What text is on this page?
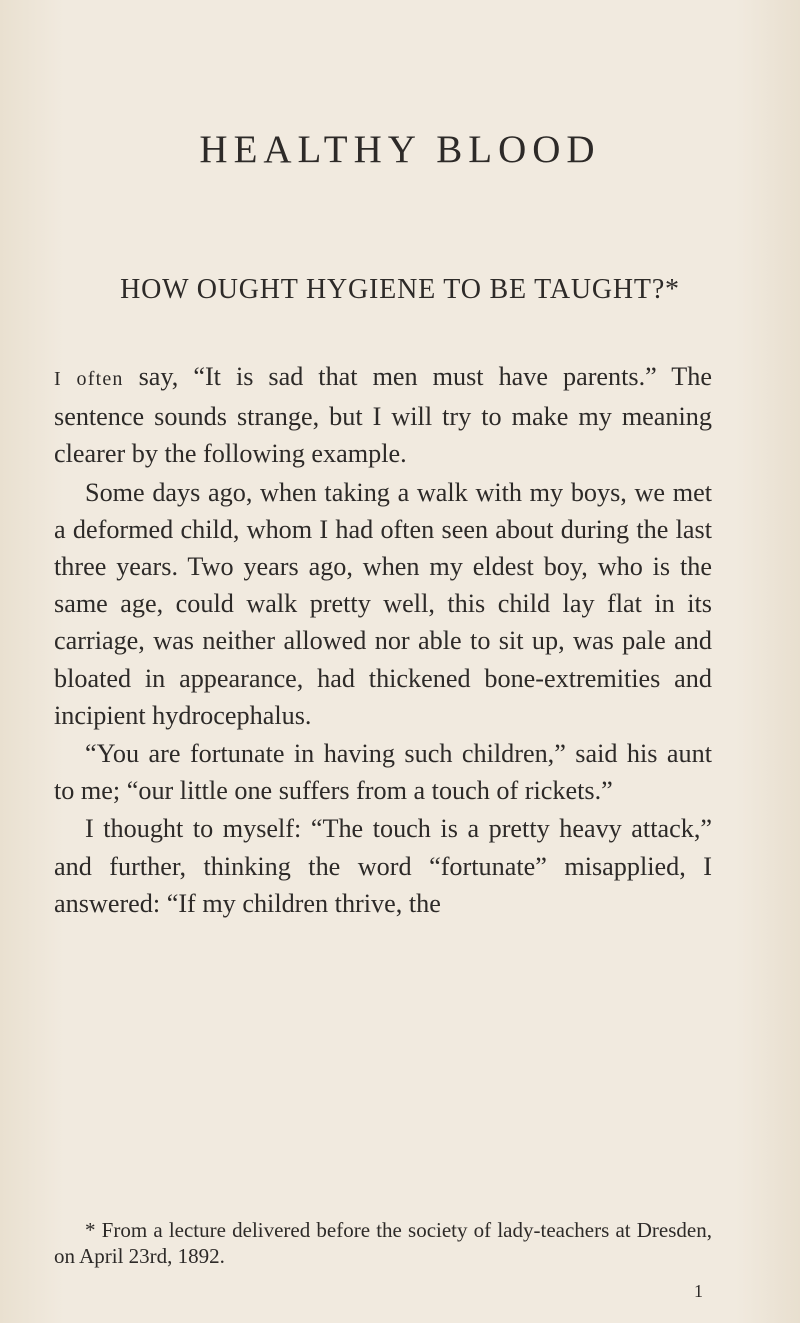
HEALTHY BLOOD
HOW OUGHT HYGIENE TO BE TAUGHT?*

I often say, “It is sad that men must have parents.” The sentence sounds strange, but I will try to make my meaning clearer by the following example.

Some days ago, when taking a walk with my boys, we met a deformed child, whom I had often seen about during the last three years. Two years ago, when my eldest boy, who is the same age, could walk pretty well, this child lay flat in its carriage, was neither allowed nor able to sit up, was pale and bloated in appearance, had thickened bone-extremities and incipient hydrocephalus.

“You are fortunate in having such children,” said his aunt to me; “our little one suffers from a touch of rickets.”

I thought to myself: “The touch is a pretty heavy attack,” and further, thinking the word “fortunate” misapplied, I answered: “If my children thrive, the

* From a lecture delivered before the society of lady-teachers at Dresden, on April 23rd, 1892.
1
